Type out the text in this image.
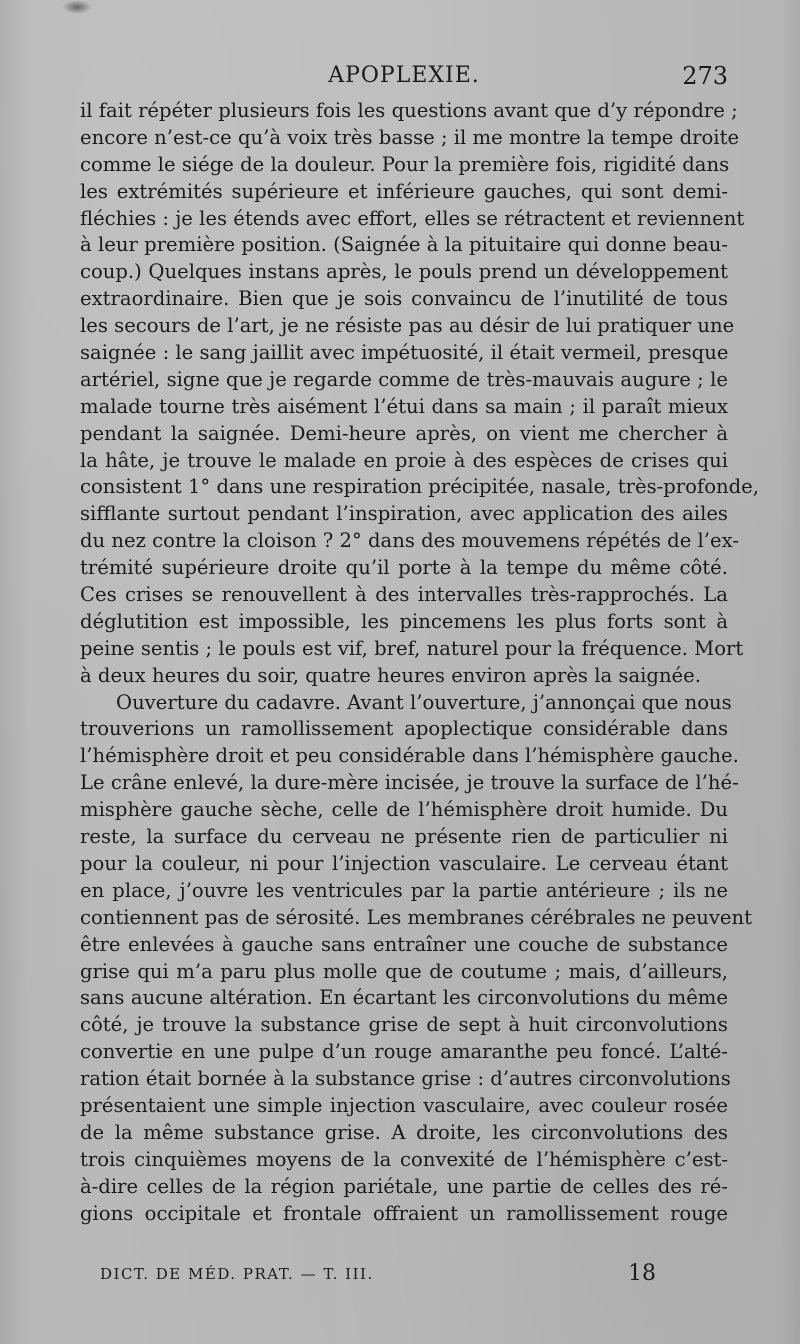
APOPLEXIE.	273
il fait répéter plusieurs fois les questions avant que d’y répondre ;
encore n’est-ce qu’à voix très basse ; il me montre la tempe droite
comme le siége de la douleur. Pour la première fois, rigidité dans
les extrémités supérieure et inférieure gauches, qui sont demi-
fléchies : je les étends avec effort, elles se rétractent et reviennent
à leur première position. (Saignée à la pituitaire qui donne beau-
coup.) Quelques instans après, le pouls prend un développement
extraordinaire. Bien que je sois convaincu de l’inutilité de tous
les secours de l’art, je ne résiste pas au désir de lui pratiquer une
saignée : le sang jaillit avec impétuosité, il était vermeil, presque
artériel, signe que je regarde comme de très-mauvais augure ; le
malade tourne très aisément l’étui dans sa main ; il paraît mieux
pendant la saignée. Demi-heure après, on vient me chercher à
la hâte, je trouve le malade en proie à des espèces de crises qui
consistent 1° dans une respiration précipitée, nasale, très-profonde,
sifflante surtout pendant l’inspiration, avec application des ailes
du nez contre la cloison ? 2° dans des mouvemens répétés de l’ex-
trémité supérieure droite qu’il porte à la tempe du même côté.
Ces crises se renouvellent à des intervalles très-rapprochés. La
déglutition est impossible, les pincemens les plus forts sont à
peine sentis ; le pouls est vif, bref, naturel pour la fréquence. Mort
à deux heures du soir, quatre heures environ après la saignée.
Ouverture du cadavre. Avant l’ouverture, j’annonçai que nous
trouverions un ramollissement apoplectique considérable dans
l’hémisphère droit et peu considérable dans l’hémisphère gauche.
Le crâne enlevé, la dure-mère incisée, je trouve la surface de l’hé-
misphère gauche sèche, celle de l’hémisphère droit humide. Du
reste, la surface du cerveau ne présente rien de particulier ni
pour la couleur, ni pour l’injection vasculaire. Le cerveau étant
en place, j’ouvre les ventricules par la partie antérieure ; ils ne
contiennent pas de sérosité. Les membranes cérébrales ne peuvent
être enlevées à gauche sans entraîner une couche de substance
grise qui m’a paru plus molle que de coutume ; mais, d’ailleurs,
sans aucune altération. En écartant les circonvolutions du même
côté, je trouve la substance grise de sept à huit circonvolutions
convertie en une pulpe d’un rouge amaranthe peu foncé. L’alté-
ration était bornée à la substance grise : d’autres circonvolutions
présentaient une simple injection vasculaire, avec couleur rosée
de la même substance grise. A droite, les circonvolutions des
trois cinquièmes moyens de la convexité de l’hémisphère c’est-
à-dire celles de la région pariétale, une partie de celles des ré-
gions occipitale et frontale offraient un ramollissement rouge
DICT. DE MÉD. PRAT. — T. III.	18
